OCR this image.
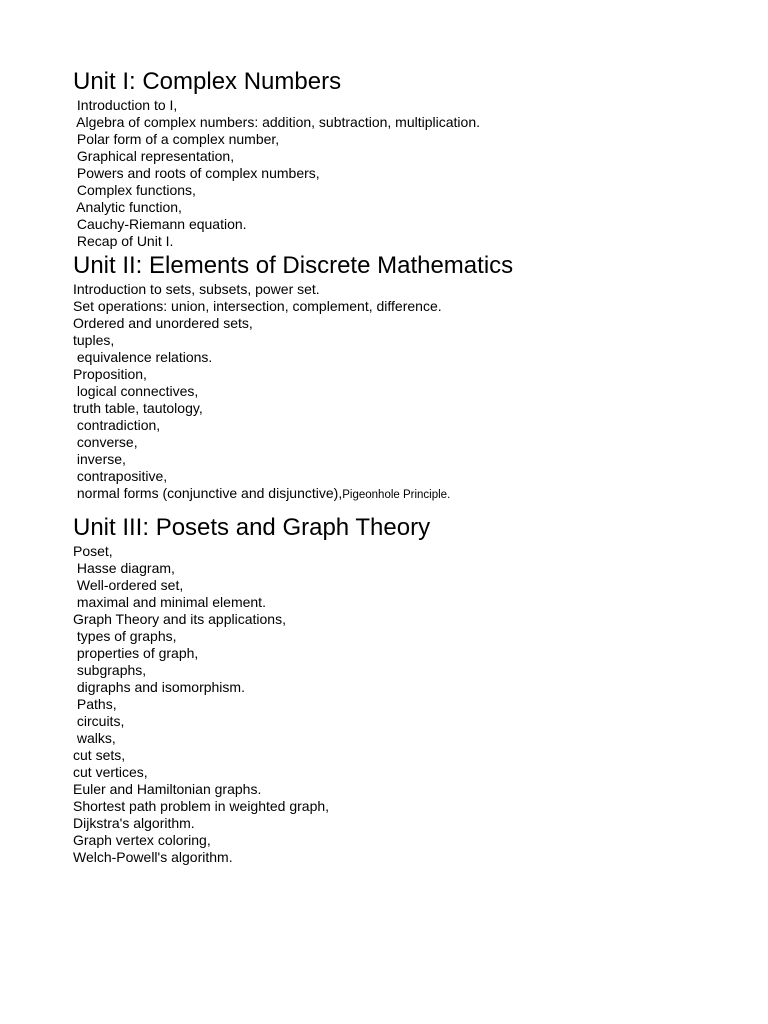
Unit I: Complex Numbers
Introduction to I,
Algebra of complex numbers: addition, subtraction, multiplication.
Polar form of a complex number,
Graphical representation,
Powers and roots of complex numbers,
Complex functions,
Analytic function,
Cauchy-Riemann equation.
Recap of Unit I.
Unit II: Elements of Discrete Mathematics
Introduction to sets, subsets, power set.
Set operations: union, intersection, complement, difference.
Ordered and unordered sets,
tuples,
equivalence relations.
Proposition,
logical connectives,
truth table, tautology,
contradiction,
converse,
inverse,
contrapositive,
normal forms (conjunctive and disjunctive),Pigeonhole Principle.
Unit III: Posets and Graph Theory
Poset,
Hasse diagram,
Well-ordered set,
maximal and minimal element.
Graph Theory and its applications,
types of graphs,
properties of graph,
subgraphs,
digraphs and isomorphism.
Paths,
circuits,
walks,
cut sets,
cut vertices,
Euler and Hamiltonian graphs.
Shortest path problem in weighted graph,
Dijkstra's algorithm.
Graph vertex coloring,
Welch-Powell's algorithm.
